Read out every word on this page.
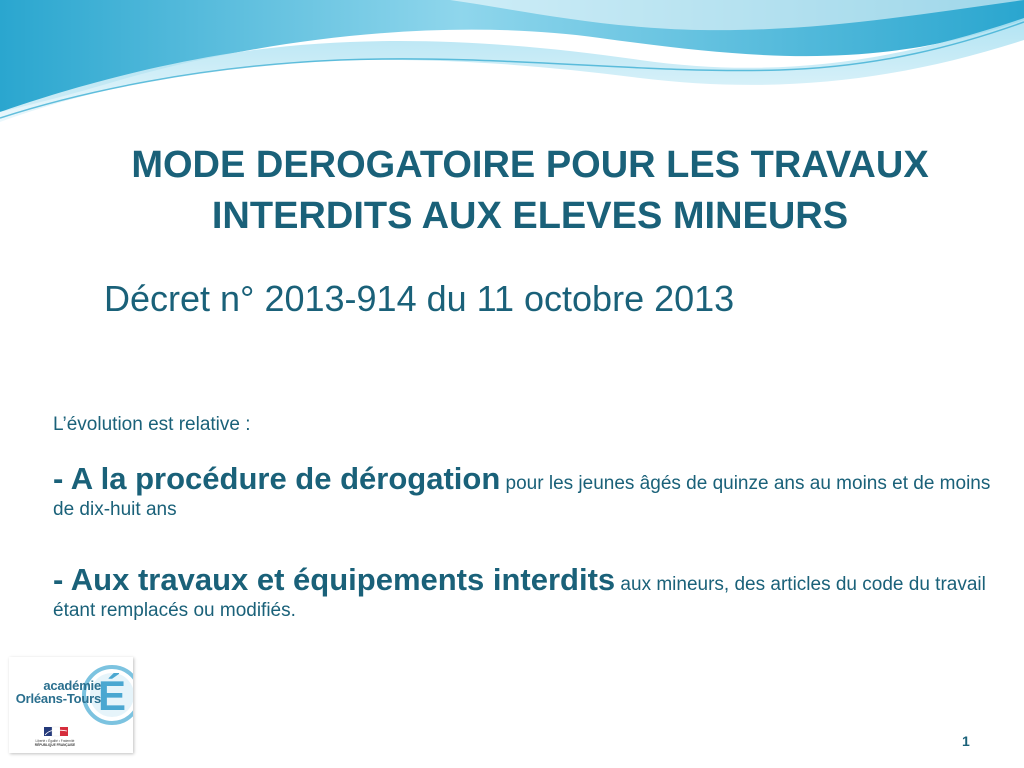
MODE DEROGATOIRE POUR LES TRAVAUX
INTERDITS AUX ELEVES MINEURS
Décret n° 2013-914 du 11 octobre 2013
L’évolution est relative :
- A la procédure de dérogation pour les jeunes âgés de quinze ans au moins et de moins de dix-huit ans
- Aux travaux et équipements interdits aux mineurs, des articles du code du travail étant remplacés ou modifiés.
É
Liberté • Égalité • Fraternité
RÉPUBLIQUE FRANÇAISE
académie
Orléans-Tours
1
